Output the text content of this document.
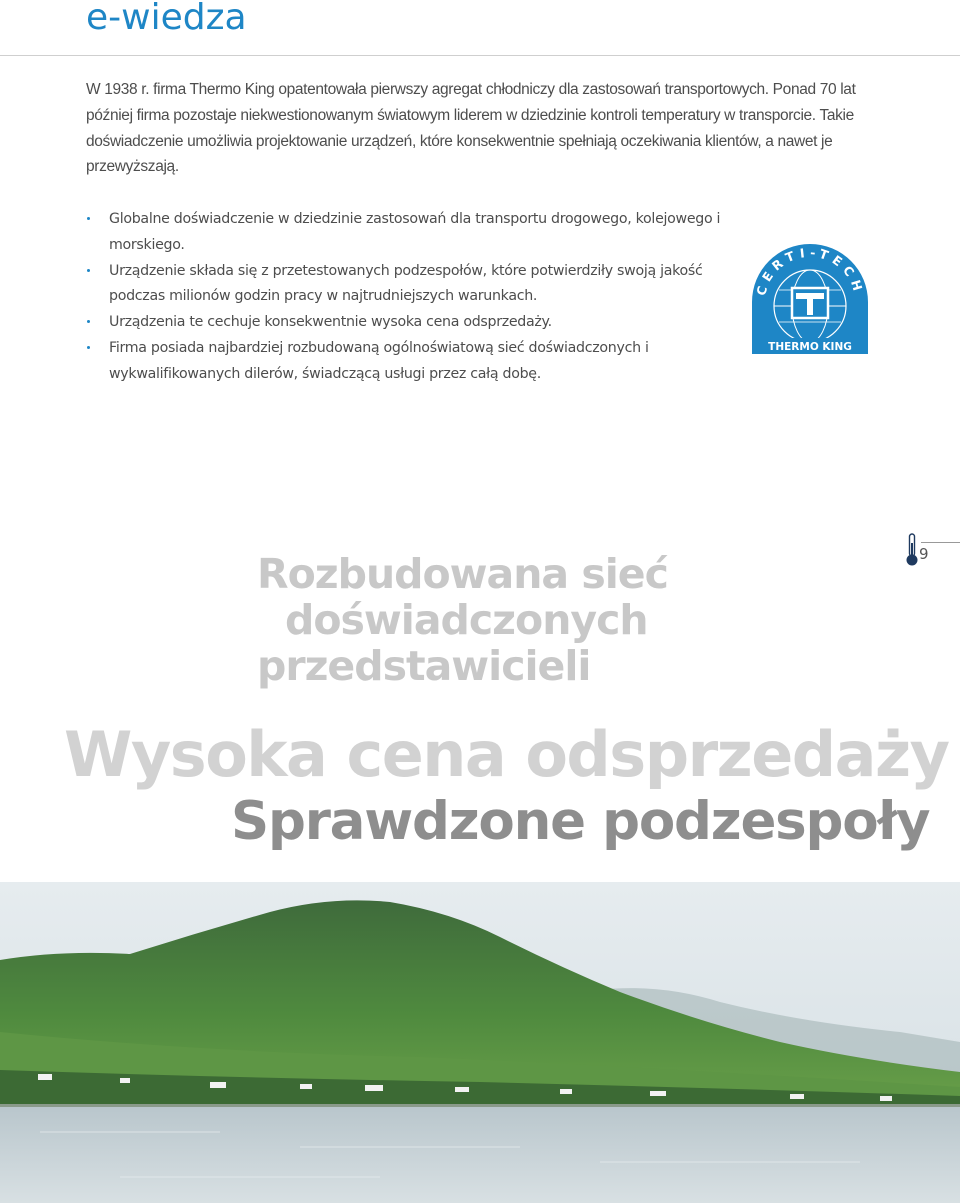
e-wiedza

W 1938 r. firma Thermo King opatentowała pierwszy agregat chłodniczy dla zastosowań transportowych. Ponad 70 lat później firma pozostaje niekwestionowanym światowym liderem w dziedzinie kontroli temperatury w transporcie. Takie doświadczenie umożliwia projektowanie urządzeń, które konsekwentnie spełniają oczekiwania klientów, a nawet je przewyższają.

Globalne doświadczenie w dziedzinie zastosowań dla transportu drogowego, kolejowego i morskiego.
Urządzenie składa się z przetestowanych podzespołów, które potwierdziły swoją jakość podczas milionów godzin pracy w najtrudniejszych warunkach.
Urządzenia te cechuje konsekwentnie wysoka cena odsprzedaży.
Firma posiada najbardziej rozbudowaną ogólnoświatową sieć doświadczonych i wykwalifikowanych dilerów, świadczącą usługi przez całą dobę.
CERTI-TECH
THERMO KING
9
Rozbudowana sieć
doświadczonych
przedstawicieli
Wysoka cena odsprzedaży
Sprawdzone podzespoły
